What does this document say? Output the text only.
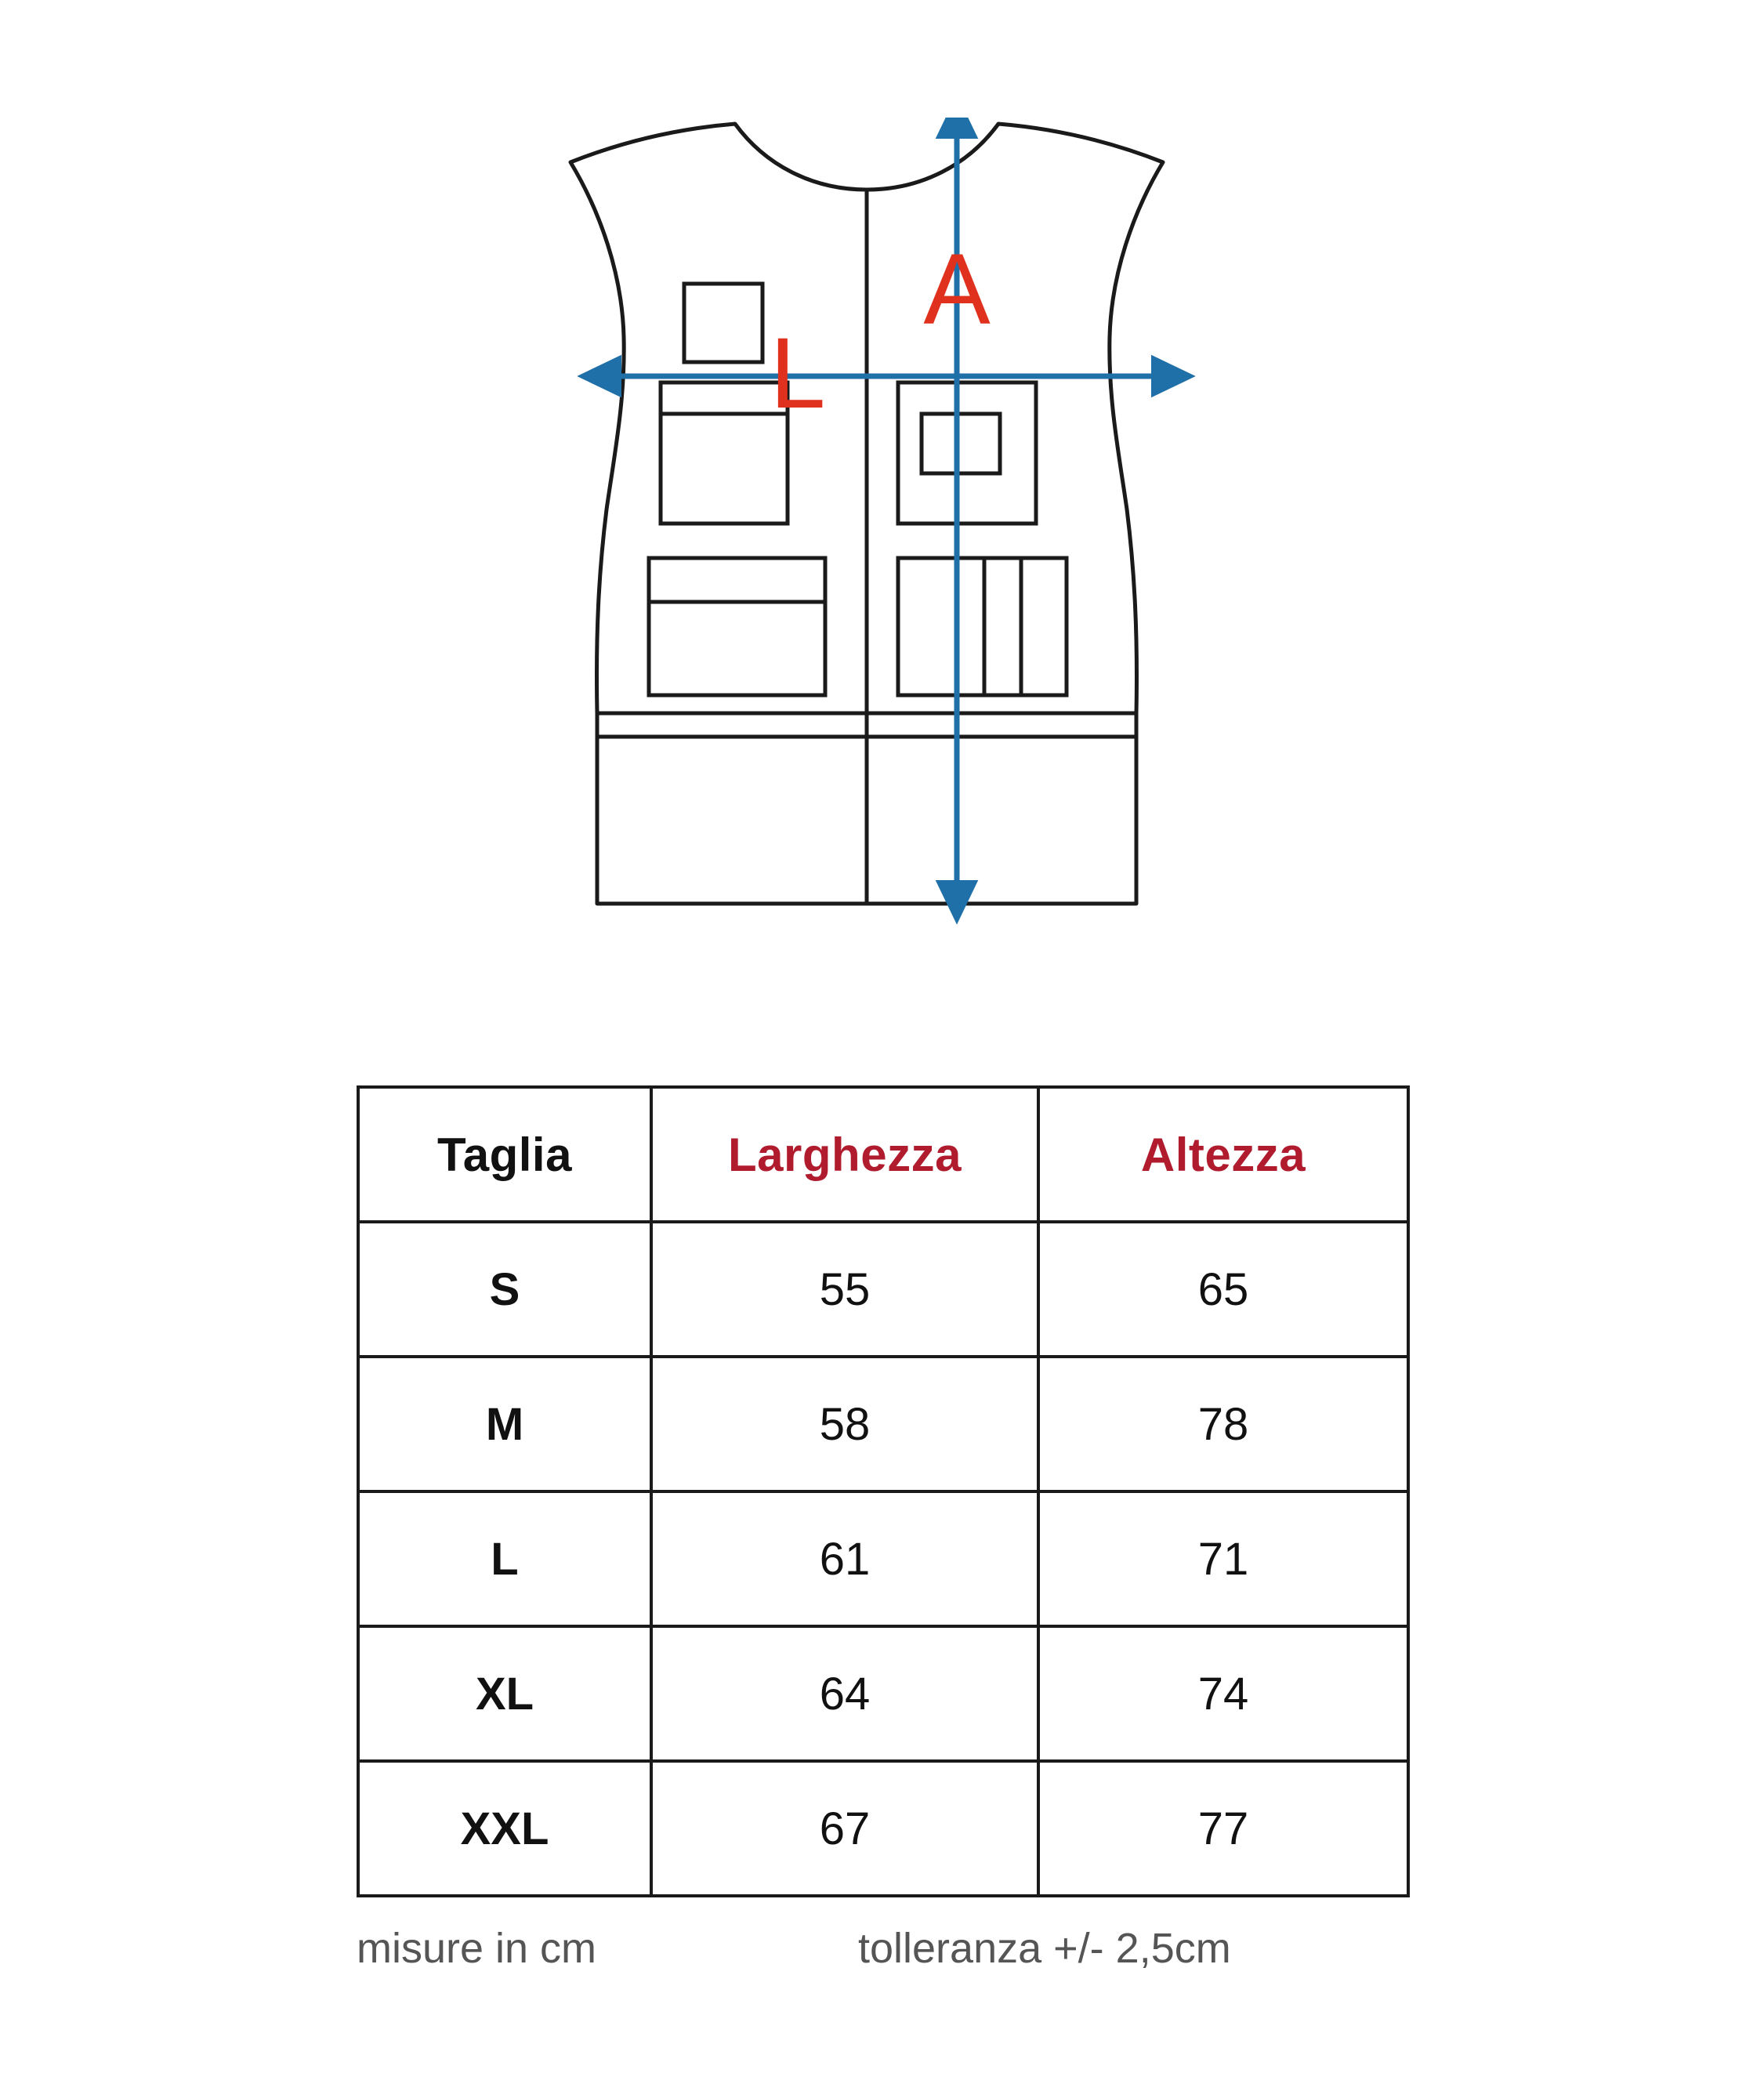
L
A
Taglia	Larghezza	Altezza
S	55	65
M	58	78
L	61	71
XL	64	74
XXL	67	77
misure in cm	tolleranza +/- 2,5cm
